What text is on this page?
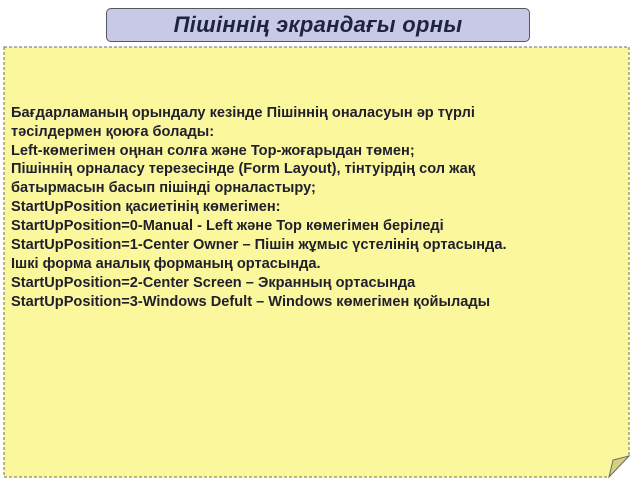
Пішіннің экрандағы орны
Бағдарламаның орындалу кезінде Пішіннің оналасуын әр түрлі
тәсілдермен қоюға болады:
Left-көмегімен оңнан солға және Top-жоғарыдан төмен;
Пішіннің орналасу терезесінде (Form Layout), тінтуірдің сол жақ
батырмасын басып пішінді орналастыру;
StartUpPosition қасиетінің көмегімен:
StartUpPosition=0-Manual - Left және Top көмегімен беріледі
StartUpPosition=1-Center Owner – Пішін жұмыс үстелінің ортасында.
Ішкі форма аналық форманың ортасында.
StartUpPosition=2-Center Screen – Экранның ортасында
StartUpPosition=3-Windows Defult – Windows көмегімен қойылады
